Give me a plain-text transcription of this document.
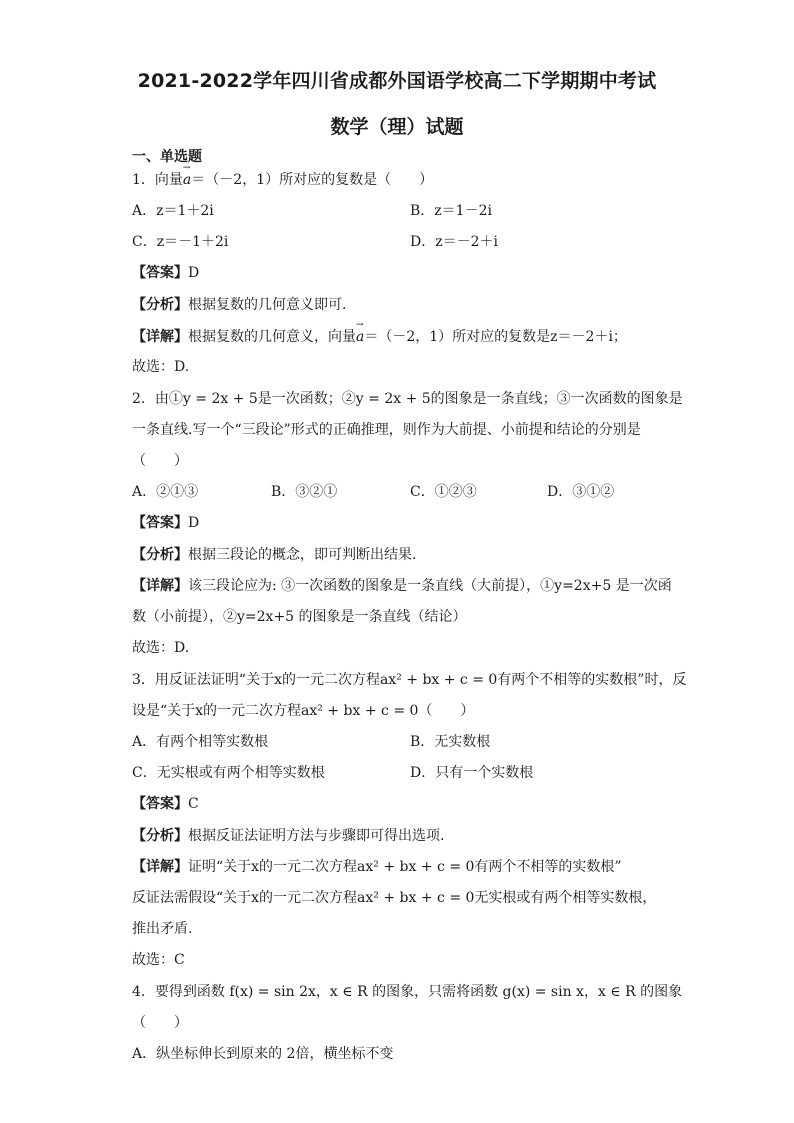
2021-2022学年四川省成都外国语学校高二下学期期中考试
数学（理）试题
一、单选题
1．向量→ a＝（－2，1）所对应的复数是（　　）
A．z＝1＋2i	B．z＝1－2i
C．z＝－1＋2i	D．z＝－2＋i
【答案】D
【分析】根据复数的几何意义即可.
【详解】根据复数的几何意义，向量→ a＝（－2，1）所对应的复数是z＝－2＋i；
故选：D.
2．由①y = 2x + 5是一次函数；②y = 2x + 5的图象是一条直线；③一次函数的图象是
一条直线.写一个“三段论”形式的正确推理，则作为大前提、小前提和结论的分别是
（　　）
A．②①③	B．③②①	C．①②③	D．③①②
【答案】D
【分析】根据三段论的概念，即可判断出结果.
【详解】该三段论应为: ③一次函数的图象是一条直线（大前提），①y=2x+5 是一次函
数（小前提），②y=2x+5 的图象是一条直线（结论）
故选：D.
3．用反证法证明“关于x的一元二次方程ax² + bx + c = 0有两个不相等的实数根”时，反
设是“关于x的一元二次方程ax² + bx + c = 0（　　）
A．有两个相等实数根	B．无实数根
C．无实根或有两个相等实数根	D．只有一个实数根
【答案】C
【分析】根据反证法证明方法与步骤即可得出选项.
【详解】证明“关于x的一元二次方程ax² + bx + c = 0有两个不相等的实数根”
反证法需假设“关于x的一元二次方程ax² + bx + c = 0无实根或有两个相等实数根，
推出矛盾.
故选：C
4．要得到函数 f(x) = sin 2x，x ∈ R 的图象，只需将函数 g(x) = sin x，x ∈ R 的图象
（　　）
A．纵坐标伸长到原来的 2倍，横坐标不变
